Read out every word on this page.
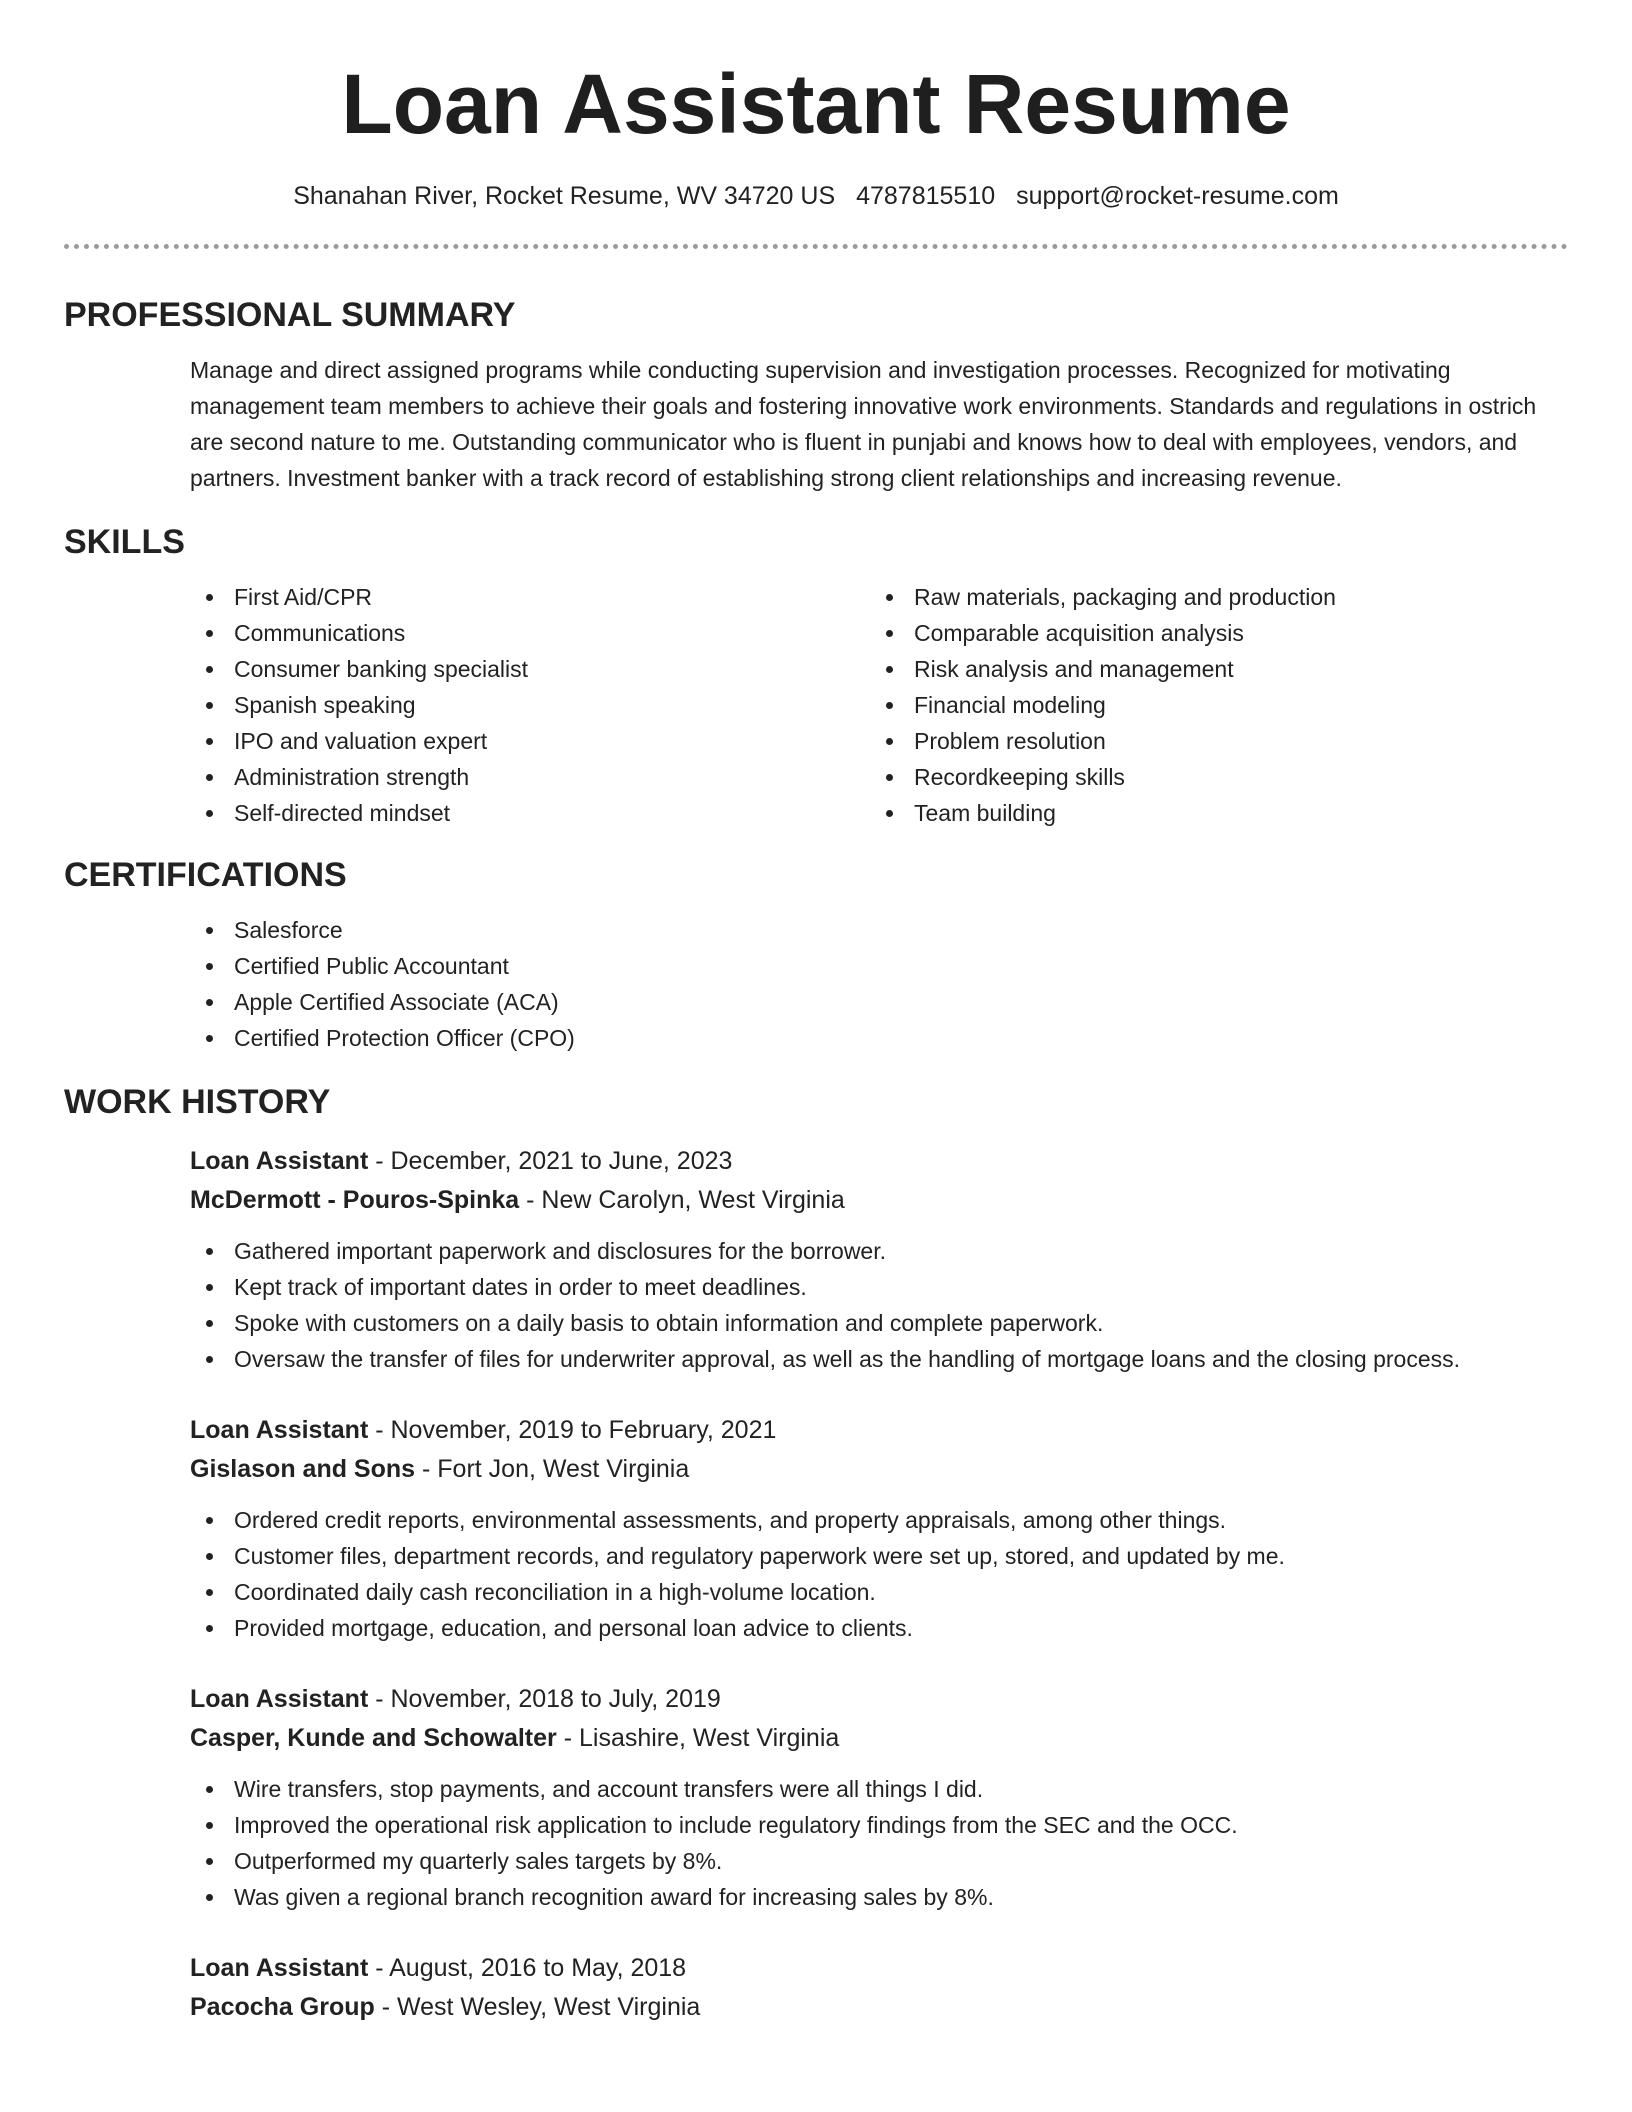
Loan Assistant Resume
Shanahan River, Rocket Resume, WV 34720 US 4787815510 support@rocket-resume.com
PROFESSIONAL SUMMARY

Manage and direct assigned programs while conducting supervision and investigation processes. Recognized for motivating management team members to achieve their goals and fostering innovative work environments. Standards and regulations in ostrich are second nature to me. Outstanding communicator who is fluent in punjabi and knows how to deal with employees, vendors, and partners. Investment banker with a track record of establishing strong client relationships and increasing revenue.

SKILLS
First Aid/CPR
Communications
Consumer banking specialist
Spanish speaking
IPO and valuation expert
Administration strength
Self-directed mindset
Raw materials, packaging and production
Comparable acquisition analysis
Risk analysis and management
Financial modeling
Problem resolution
Recordkeeping skills
Team building
CERTIFICATIONS
Salesforce
Certified Public Accountant
Apple Certified Associate (ACA)
Certified Protection Officer (CPO)
WORK HISTORY
Loan Assistant - December, 2021 to June, 2023
McDermott - Pouros-Spinka - New Carolyn, West Virginia
Gathered important paperwork and disclosures for the borrower.
Kept track of important dates in order to meet deadlines.
Spoke with customers on a daily basis to obtain information and complete paperwork.
Oversaw the transfer of files for underwriter approval, as well as the handling of mortgage loans and the closing process.
Loan Assistant - November, 2019 to February, 2021
Gislason and Sons - Fort Jon, West Virginia
Ordered credit reports, environmental assessments, and property appraisals, among other things.
Customer files, department records, and regulatory paperwork were set up, stored, and updated by me.
Coordinated daily cash reconciliation in a high-volume location.
Provided mortgage, education, and personal loan advice to clients.
Loan Assistant - November, 2018 to July, 2019
Casper, Kunde and Schowalter - Lisashire, West Virginia
Wire transfers, stop payments, and account transfers were all things I did.
Improved the operational risk application to include regulatory findings from the SEC and the OCC.
Outperformed my quarterly sales targets by 8%.
Was given a regional branch recognition award for increasing sales by 8%.
Loan Assistant - August, 2016 to May, 2018
Pacocha Group - West Wesley, West Virginia
